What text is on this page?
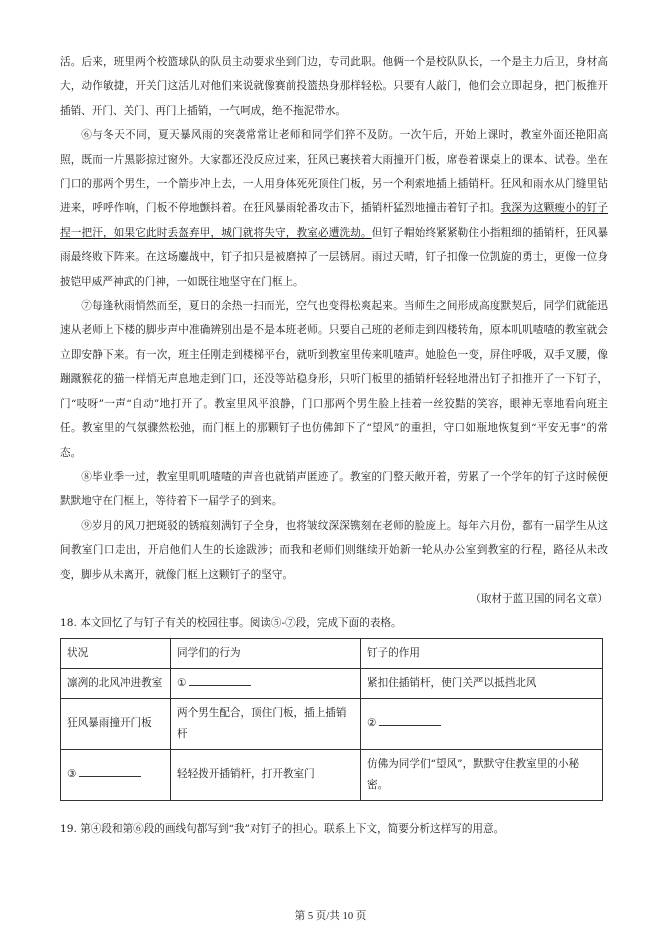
活。后来，班里两个校篮球队的队员主动要求坐到门边，专司此职。他俩一个是校队队长，一个是主力后卫，身材高大，动作敏捷，开关门这活儿对他们来说就像赛前投篮热身那样轻松。只要有人敲门，他们会立即起身，把门板推开插销、开门、关门、再门上插销，一气呵成，绝不拖泥带水。

⑥与冬天不同，夏天暴风雨的突袭常常让老师和同学们猝不及防。一次午后，开始上课时，教室外面还艳阳高照，既而一片黑影掠过窗外。大家都还没反应过来，狂风已裹挟着大雨撞开门板，席卷着课桌上的课本、试卷。坐在门口的那两个男生，一个箭步冲上去，一人用身体死死顶住门板，另一个利索地插上插销杆。狂风和雨水从门缝里钻进来，呼呼作响，门板不停地颤抖着。在狂风暴雨轮番攻击下，插销杆猛烈地撞击着钉子扣。我深为这颗瘦小的钉子捏一把汗，如果它此时丢盔弃甲，城门就将失守，教室必遭洗劫。但钉子帽始终紧紧勒住小指粗细的插销杆，狂风暴雨最终败下阵来。在这场鏖战中，钉子扣只是被磨掉了一层锈屑。雨过天晴，钉子扣像一位凯旋的勇士，更像一位身披铠甲威严神武的门神，一如既往地坚守在门框上。

⑦每逢秋雨悄然而至，夏日的余热一扫而光，空气也变得松爽起来。当师生之间形成高度默契后，同学们就能迅速从老师上下楼的脚步声中准确辨别出是不是本班老师。只要自己班的老师走到四楼转角，原本叽叽喳喳的教室就会立即安静下来。有一次，班主任刚走到楼梯平台，就听到教室里传来叽喳声。她脸色一变，屏住呼吸，双手叉腰，像蹦蹴猴花的猫一样悄无声息地走到门口，还没等站稳身形，只听门板里的插销杆轻轻地滑出钉子扣推开了一下钉子，门“吱呀”一声“自动”地打开了。教室里风平浪静，门口那两个男生脸上挂着一丝狡黠的笑容，眼神无辜地看向班主任。教室里的气氛骤然松弛，而门框上的那颗钉子也仿佛卸下了“望风”的重担，守口如瓶地恢复到“平安无事”的常态。

⑧毕业季一过，教室里叽叽喳喳的声音也就销声匿迹了。教室的门整天敞开着，劳累了一个学年的钉子这时候便默默地守在门框上，等待着下一届学子的到来。

⑨岁月的风刀把斑驳的锈痕刻满钉子全身，也将皱纹深深镌刻在老师的脸庞上。每年六月份，都有一届学生从这间教室门口走出，开启他们人生的长途跋涉；而我和老师们则继续开始新一轮从办公室到教室的行程，路径从未改变，脚步从未离开，就像门框上这颗钉子的坚守。

（取材于蓝卫国的同名文章）

18. 本文回忆了与钉子有关的校园往事。阅读⑤-⑦段，完成下面的表格。

状况	同学们的行为	钉子的作用
凛冽的北风冲进教室	①	紧扣住插销杆，使门关严以抵挡北风
狂风暴雨撞开门板	两个男生配合，顶住门板，插上插销杆	②
③	轻轻拨开插销杆，打开教室门	仿佛为同学们“望风”，默默守住教室里的小秘密。

19. 第④段和第⑥段的画线句都写到“我”对钉子的担心。联系上下文，简要分析这样写的用意。

第 5 页/共 10 页
